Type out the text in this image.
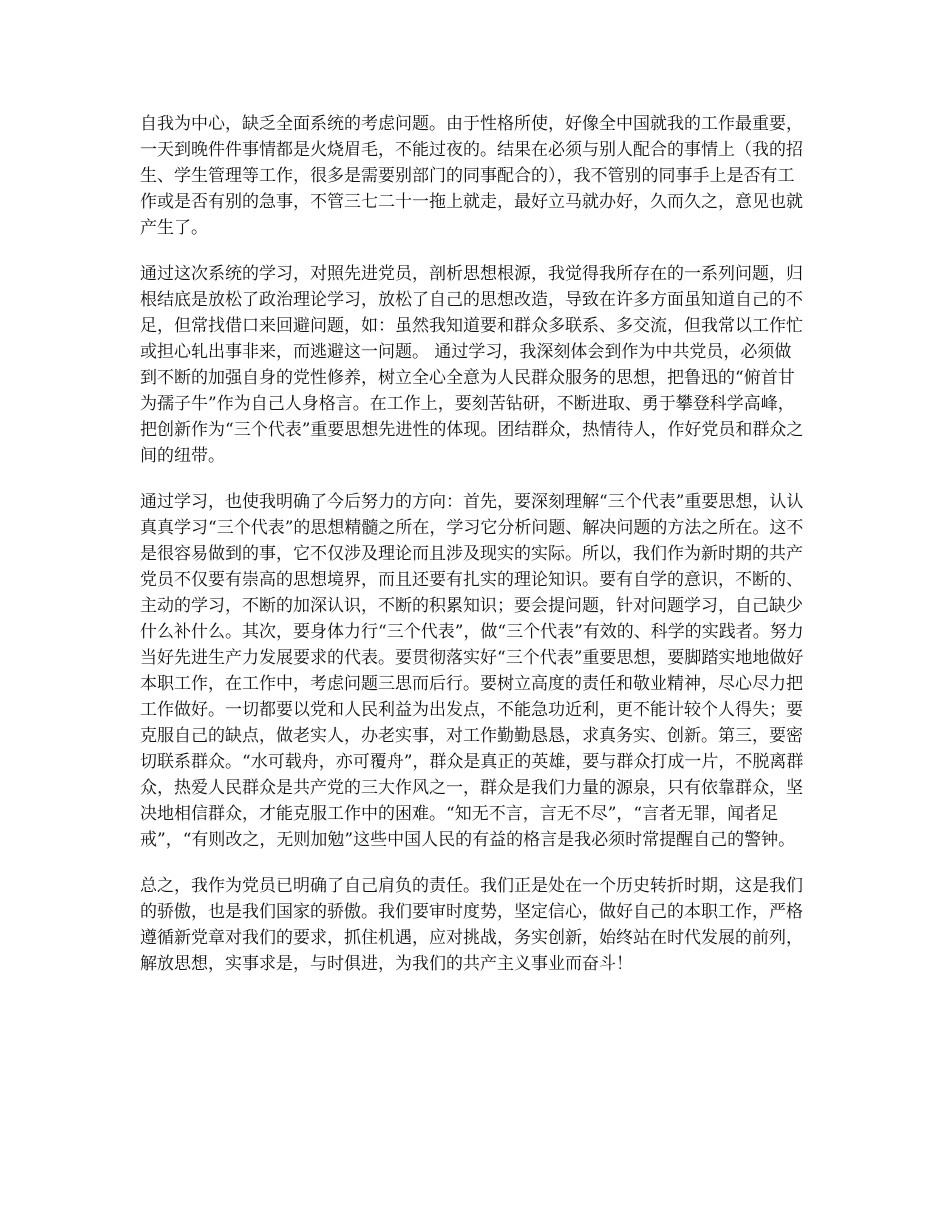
自我为中心，缺乏全面系统的考虑问题。由于性格所使，好像全中国就我的工作最重要，
一天到晚件件事情都是火烧眉毛，不能过夜的。结果在必须与别人配合的事情上（我的招
生、学生管理等工作，很多是需要别部门的同事配合的），我不管别的同事手上是否有工
作或是否有别的急事，不管三七二十一拖上就走，最好立马就办好，久而久之，意见也就
产生了。
通过这次系统的学习，对照先进党员，剖析思想根源，我觉得我所存在的一系列问题，归
根结底是放松了政治理论学习，放松了自己的思想改造，导致在许多方面虽知道自己的不
足，但常找借口来回避问题，如：虽然我知道要和群众多联系、多交流，但我常以工作忙
或担心轧出事非来，而逃避这一问题。 通过学习，我深刻体会到作为中共党员，必须做
到不断的加强自身的党性修养，树立全心全意为人民群众服务的思想，把鲁迅的“俯首甘
为孺子牛”作为自己人身格言。在工作上，要刻苦钻研，不断进取、勇于攀登科学高峰，
把创新作为“三个代表”重要思想先进性的体现。团结群众，热情待人，作好党员和群众之
间的纽带。
通过学习，也使我明确了今后努力的方向：首先，要深刻理解“三个代表”重要思想，认认
真真学习“三个代表”的思想精髓之所在，学习它分析问题、解决问题的方法之所在。这不
是很容易做到的事，它不仅涉及理论而且涉及现实的实际。所以，我们作为新时期的共产
党员不仅要有崇高的思想境界，而且还要有扎实的理论知识。要有自学的意识，不断的、
主动的学习，不断的加深认识，不断的积累知识；要会提问题，针对问题学习，自己缺少
什么补什么。其次，要身体力行“三个代表”，做“三个代表”有效的、科学的实践者。努力
当好先进生产力发展要求的代表。要贯彻落实好“三个代表”重要思想，要脚踏实地地做好
本职工作，在工作中，考虑问题三思而后行。要树立高度的责任和敬业精神，尽心尽力把
工作做好。一切都要以党和人民利益为出发点，不能急功近利，更不能计较个人得失；要
克服自己的缺点，做老实人，办老实事，对工作勤勤恳恳，求真务实、创新。第三，要密
切联系群众。“水可载舟，亦可覆舟”，群众是真正的英雄，要与群众打成一片，不脱离群
众，热爱人民群众是共产党的三大作风之一，群众是我们力量的源泉，只有依靠群众，坚
决地相信群众，才能克服工作中的困难。“知无不言，言无不尽”，“言者无罪，闻者足
戒”，“有则改之，无则加勉”这些中国人民的有益的格言是我必须时常提醒自己的警钟。
总之，我作为党员已明确了自己肩负的责任。我们正是处在一个历史转折时期，这是我们
的骄傲，也是我们国家的骄傲。我们要审时度势，坚定信心，做好自己的本职工作，严格
遵循新党章对我们的要求，抓住机遇，应对挑战，务实创新，始终站在时代发展的前列，
解放思想，实事求是，与时俱进，为我们的共产主义事业而奋斗！
